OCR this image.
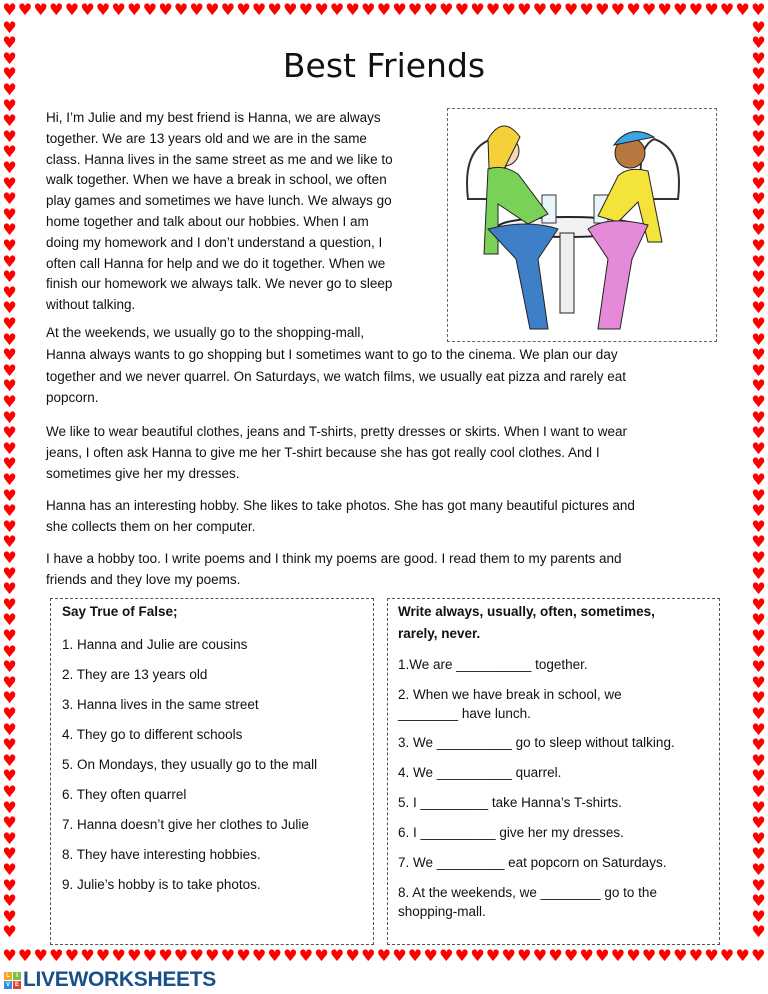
♥
♥
♥
♥
♥
♥
♥
♥
♥
♥
♥
♥
♥
♥
♥
♥
♥
♥
♥
♥
♥
♥
♥
♥
♥
♥
♥
♥
♥
♥
♥
♥
♥
♥
♥
♥
♥
♥
♥
♥
♥
♥
♥
♥
♥
♥
♥
♥
♥
♥
♥
♥
♥
♥
♥
♥
♥
♥
♥
♥
♥
♥
♥
♥
♥
♥
♥
♥
♥
♥
♥
♥
♥
♥
♥
♥
♥
♥
♥
♥
♥
♥
♥
♥
♥
♥
♥
♥
♥
♥
♥
♥
♥
♥
♥
♥
♥
♥
♥	♥
♥	♥
♥	♥
♥	♥
♥	♥
♥	♥
♥	♥
♥	♥
♥	♥
♥	♥
♥	♥
♥	♥
♥	♥
♥	♥
♥	♥
♥	♥
♥	♥
♥	♥
♥	♥
♥	♥
♥	♥
♥	♥
♥	♥
♥	♥
♥	♥
♥	♥
♥	♥
♥	♥
♥	♥
♥	♥
♥	♥
♥	♥
♥	♥
♥	♥
♥	♥
♥	♥
♥	♥
♥	♥
♥	♥
♥	♥
♥	♥
♥	♥
♥	♥
♥	♥
♥	♥
♥	♥
♥	♥
♥	♥
♥	♥
♥	♥
♥	♥
♥	♥
♥	♥
♥	♥
♥	♥
♥	♥
♥	♥
♥	♥
♥	♥
Best Friends
Hi, I’m Julie and my best friend is Hanna, we are always
together. We are 13 years old and we are in the same
class. Hanna lives in the same street as me and we like to
walk together. When we have a break in school, we often
play games and sometimes we have lunch. We always go
home together and talk about our hobbies. When I am
doing my homework and I don’t understand a question, I
often call Hanna for help and we do it together. When we
finish our homework we always talk. We never go to sleep
without talking.
At the weekends, we usually go to the shopping-mall,
Hanna always wants to go shopping but I sometimes want to go to the cinema. We plan our day
together and we never quarrel. On Saturdays, we watch films, we usually eat pizza and rarely eat
popcorn.
We like to wear beautiful clothes, jeans and T-shirts, pretty dresses or skirts. When I want to wear
jeans, I often ask Hanna to give me her T-shirt because she has got really cool clothes. And I
sometimes give her my dresses.
Hanna has an interesting hobby. She likes to take photos. She has got many beautiful pictures and
she collects them on her computer.
I have a hobby too. I write poems and I think my poems are good. I read them to my parents and
friends and they love my poems.
Say True of False;
1. Hanna and Julie are cousins
2. They are 13 years old
3. Hanna lives in the same street
4. They go to different schools
5. On Mondays, they usually go to the mall
6. They often quarrel
7. Hanna doesn’t give her clothes to Julie
8. They have interesting hobbies.
9. Julie’s hobby is to take photos.
Write always, usually, often, sometimes,
rarely, never.
1.We are __________ together.
2. When we have break in school, we
________ have lunch.
3. We __________ go to sleep without talking.
4. We __________ quarrel.
5. I _________ take Hanna’s T-shirts.
6. I __________ give her my dresses.
7. We _________ eat popcorn on Saturdays.
8. At the weekends, we ________ go to the
shopping-mall.
L	I
V E LIVEWORKSHEETS
